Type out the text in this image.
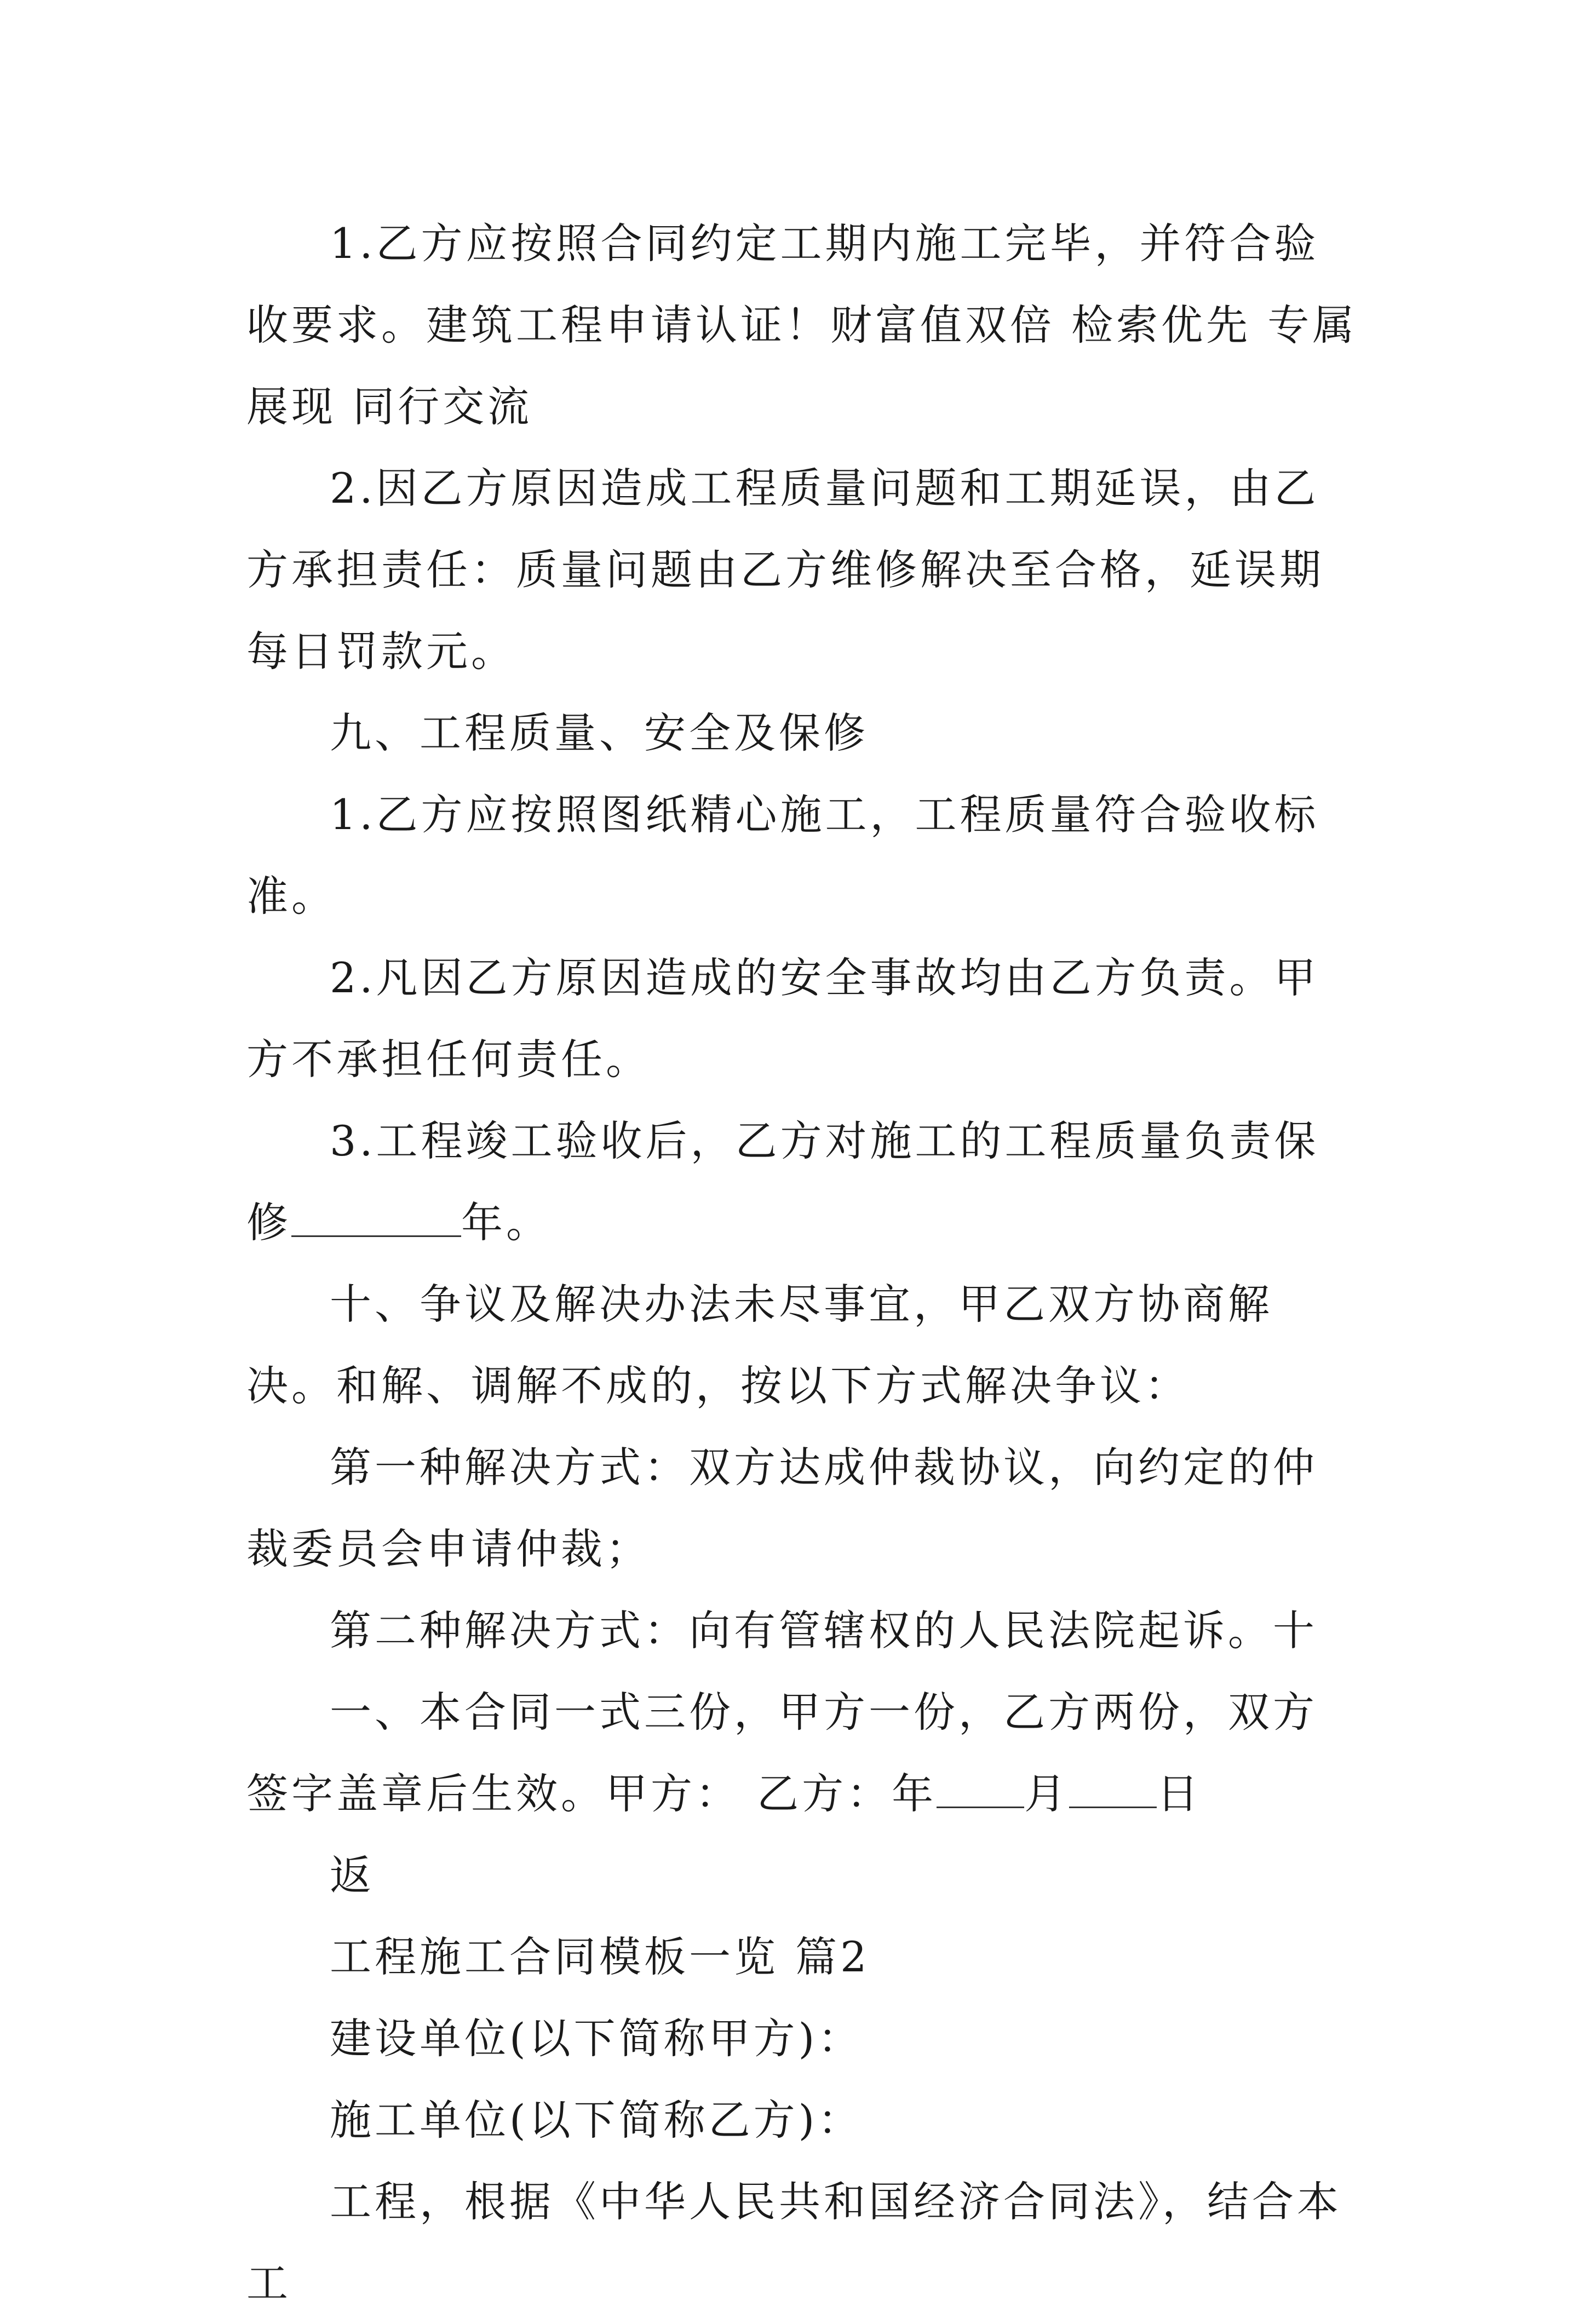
1.乙方应按照合同约定工期内施工完毕，并符合验收要求。建筑工程申请认证！财富值双倍 检索优先 专属展现 同行交流

2.因乙方原因造成工程质量问题和工期延误，由乙方承担责任：质量问题由乙方维修解决至合格，延误期每日罚款元。

九、工程质量、安全及保修

1.乙方应按照图纸精心施工，工程质量符合验收标准。

2.凡因乙方原因造成的安全事故均由乙方负责。甲方不承担任何责任。

3.工程竣工验收后，乙方对施工的工程质量负责保修	年。

十、争议及解决办法未尽事宜，甲乙双方协商解决。和解、调解不成的，按以下方式解决争议：

第一种解决方式：双方达成仲裁协议，向约定的仲裁委员会申请仲裁；

第二种解决方式：向有管辖权的人民法院起诉。十

一、本合同一式三份，甲方一份，乙方两份，双方签字盖章后生效。甲方： 乙方：年 月 日

返

工程施工合同模板一览 篇2

建设单位(以下简称甲方)：

施工单位(以下简称乙方)：

工程，根据《中华人民共和国经济合同法》，结合本工
